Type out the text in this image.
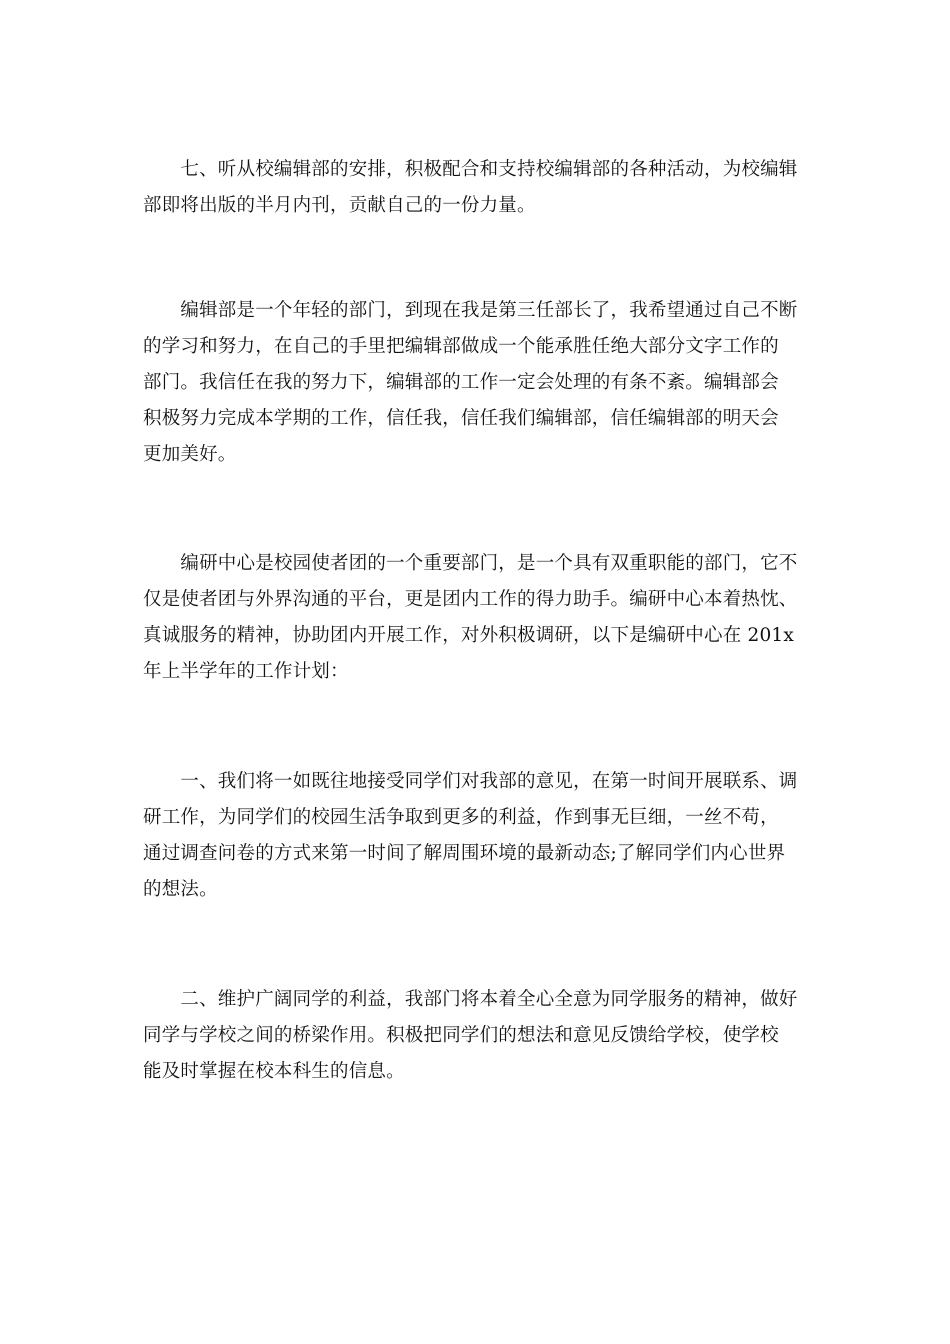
　　七、听从校编辑部的安排，积极配合和支持校编辑部的各种活动，为校编辑
部即将出版的半月内刊，贡献自己的一份力量。
　　编辑部是一个年轻的部门，到现在我是第三任部长了，我希望通过自己不断
的学习和努力，在自己的手里把编辑部做成一个能承胜任绝大部分文字工作的
部门。我信任在我的努力下，编辑部的工作一定会处理的有条不紊。编辑部会
积极努力完成本学期的工作，信任我，信任我们编辑部，信任编辑部的明天会
更加美好。
　　编研中心是校园使者团的一个重要部门，是一个具有双重职能的部门，它不
仅是使者团与外界沟通的平台，更是团内工作的得力助手。编研中心本着热忱、
真诚服务的精神，协助团内开展工作，对外积极调研，以下是编研中心在 201x
年上半学年的工作计划：
　　一、我们将一如既往地接受同学们对我部的意见，在第一时间开展联系、调
研工作，为同学们的校园生活争取到更多的利益，作到事无巨细，一丝不苟，
通过调查问卷的方式来第一时间了解周围环境的最新动态;了解同学们内心世界
的想法。
　　二、维护广阔同学的利益，我部门将本着全心全意为同学服务的精神，做好
同学与学校之间的桥梁作用。积极把同学们的想法和意见反馈给学校，使学校
能及时掌握在校本科生的信息。
